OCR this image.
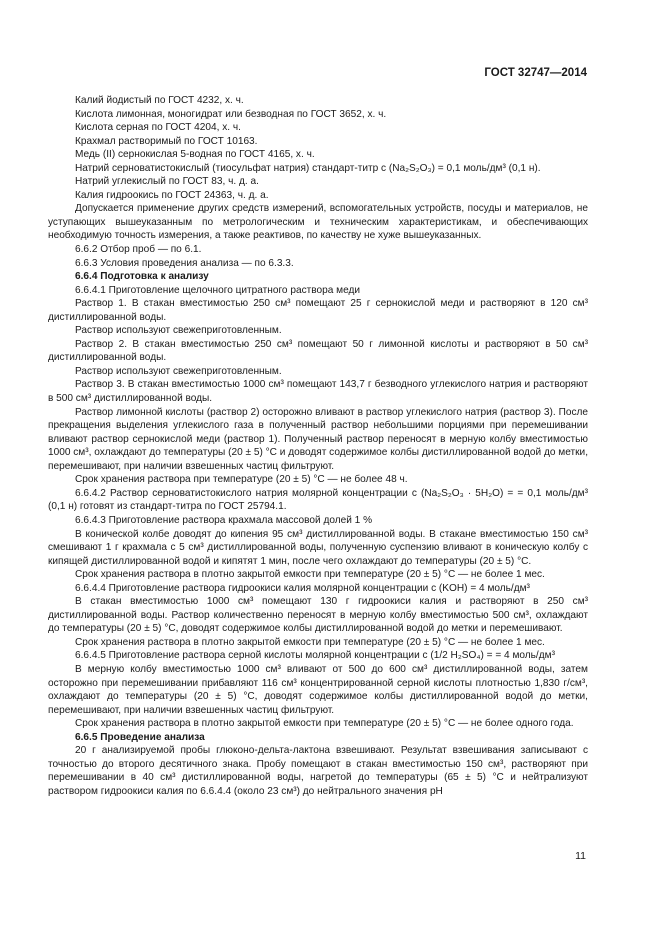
ГОСТ 32747—2014

Калий йодистый по ГОСТ 4232, х. ч.

Кислота лимонная, моногидрат или безводная по ГОСТ 3652, х. ч.

Кислота серная по ГОСТ 4204, х. ч.

Крахмал растворимый по ГОСТ 10163.

Медь (II) сернокислая 5-водная по ГОСТ 4165, х. ч.

Натрий серноватистокислый (тиосульфат натрия) стандарт-титр с (Na₂S₂O₃) = 0,1 моль/дм³ (0,1 н).

Натрий углекислый по ГОСТ 83, ч. д. а.

Калия гидроокись по ГОСТ 24363, ч. д. а.

Допускается применение других средств измерений, вспомогательных устройств, посуды и материалов, не уступающих вышеуказанным по метрологическим и техническим характеристикам, и обеспечивающих необходимую точность измерения, а также реактивов, по качеству не хуже вышеуказанных.

6.6.2 Отбор проб — по 6.1.

6.6.3 Условия проведения анализа — по 6.3.3.

6.6.4 Подготовка к анализу

6.6.4.1 Приготовление щелочного цитратного раствора меди

Раствор 1. В стакан вместимостью 250 см³ помещают 25 г сернокислой меди и растворяют в 120 см³ дистиллированной воды.

Раствор используют свежеприготовленным.

Раствор 2. В стакан вместимостью 250 см³ помещают 50 г лимонной кислоты и растворяют в 50 см³ дистиллированной воды.

Раствор используют свежеприготовленным.

Раствор 3. В стакан вместимостью 1000 см³ помещают 143,7 г безводного углекислого натрия и растворяют в 500 см³ дистиллированной воды.

Раствор лимонной кислоты (раствор 2) осторожно вливают в раствор углекислого натрия (раствор 3). После прекращения выделения углекислого газа в полученный раствор небольшими порциями при перемешивании вливают раствор сернокислой меди (раствор 1). Полученный раствор переносят в мерную колбу вместимостью 1000 см³, охлаждают до температуры (20 ± 5) °С и доводят содержимое колбы дистиллированной водой до метки, перемешивают, при наличии взвешенных частиц фильтруют.

Срок хранения раствора при температуре (20 ± 5) °С — не более 48 ч.

6.6.4.2 Раствор серноватистокислого натрия молярной концентрации с (Na₂S₂O₃ · 5H₂O) = = 0,1 моль/дм³ (0,1 н) готовят из стандарт-титра по ГОСТ 25794.1.

6.6.4.3 Приготовление раствора крахмала массовой долей 1 %

В конической колбе доводят до кипения 95 см³ дистиллированной воды. В стакане вместимостью 150 см³ смешивают 1 г крахмала с 5 см³ дистиллированной воды, полученную суспензию вливают в коническую колбу с кипящей дистиллированной водой и кипятят 1 мин, после чего охлаждают до температуры (20 ± 5) °С.

Срок хранения раствора в плотно закрытой емкости при температуре (20 ± 5) °С — не более 1 мес.

6.6.4.4 Приготовление раствора гидроокиси калия молярной концентрации с (KОН) = 4 моль/дм³

В стакан вместимостью 1000 см³ помещают 130 г гидроокиси калия и растворяют в 250 см³ дистиллированной воды. Раствор количественно переносят в мерную колбу вместимостью 500 см³, охлаждают до температуры (20 ± 5) °С, доводят содержимое колбы дистиллированной водой до метки и перемешивают.

Срок хранения раствора в плотно закрытой емкости при температуре (20 ± 5) °С — не более 1 мес.

6.6.4.5 Приготовление раствора серной кислоты молярной концентрации с (1/2 H₂SO₄) = = 4 моль/дм³

В мерную колбу вместимостью 1000 см³ вливают от 500 до 600 см³ дистиллированной воды, затем осторожно при перемешивании прибавляют 116 см³ концентрированной серной кислоты плотностью 1,830 г/см³, охлаждают до температуры (20 ± 5) °С, доводят содержимое колбы дистиллированной водой до метки, перемешивают, при наличии взвешенных частиц фильтруют.

Срок хранения раствора в плотно закрытой емкости при температуре (20 ± 5) °С — не более одного года.

6.6.5 Проведение анализа

20 г анализируемой пробы глюконо-дельта-лактона взвешивают. Результат взвешивания записывают с точностью до второго десятичного знака. Пробу помещают в стакан вместимостью 150 см³, растворяют при перемешивании в 40 см³ дистиллированной воды, нагретой до температуры (65 ± 5) °С и нейтрализуют раствором гидроокиси калия по 6.6.4.4 (около 23 см³) до нейтрального значения рН

11
